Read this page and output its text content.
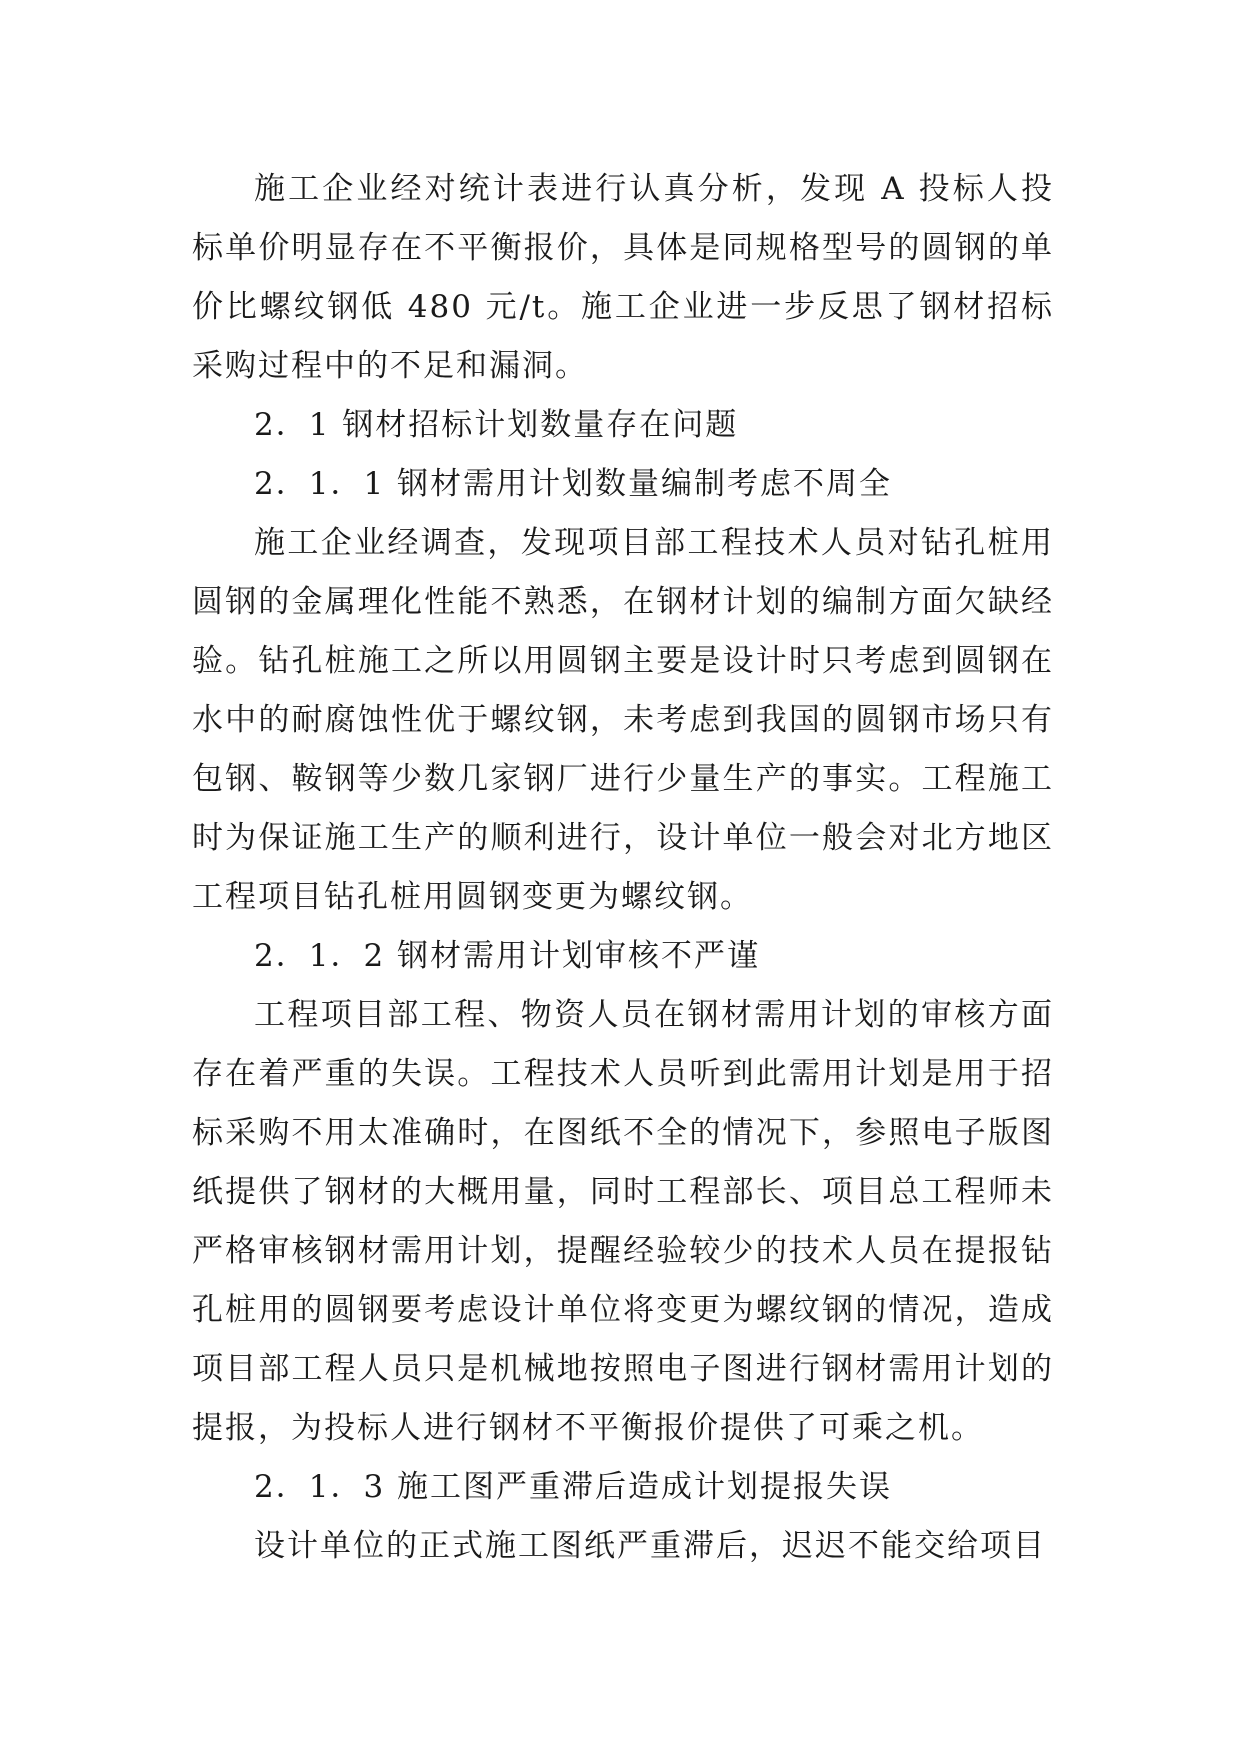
施工企业经对统计表进行认真分析，发现 A 投标人投标单价明显存在不平衡报价，具体是同规格型号的圆钢的单价比螺纹钢低 480 元/t。施工企业进一步反思了钢材招标采购过程中的不足和漏洞。

2．1 钢材招标计划数量存在问题

2．1．1 钢材需用计划数量编制考虑不周全

施工企业经调查，发现项目部工程技术人员对钻孔桩用圆钢的金属理化性能不熟悉，在钢材计划的编制方面欠缺经验。钻孔桩施工之所以用圆钢主要是设计时只考虑到圆钢在水中的耐腐蚀性优于螺纹钢，未考虑到我国的圆钢市场只有包钢、鞍钢等少数几家钢厂进行少量生产的事实。工程施工时为保证施工生产的顺利进行，设计单位一般会对北方地区工程项目钻孔桩用圆钢变更为螺纹钢。

2．1．2 钢材需用计划审核不严谨

工程项目部工程、物资人员在钢材需用计划的审核方面存在着严重的失误。工程技术人员听到此需用计划是用于招标采购不用太准确时，在图纸不全的情况下，参照电子版图纸提供了钢材的大概用量，同时工程部长、项目总工程师未严格审核钢材需用计划，提醒经验较少的技术人员在提报钻孔桩用的圆钢要考虑设计单位将变更为螺纹钢的情况，造成项目部工程人员只是机械地按照电子图进行钢材需用计划的提报，为投标人进行钢材不平衡报价提供了可乘之机。

2．1．3 施工图严重滞后造成计划提报失误

设计单位的正式施工图纸严重滞后，迟迟不能交给项目
